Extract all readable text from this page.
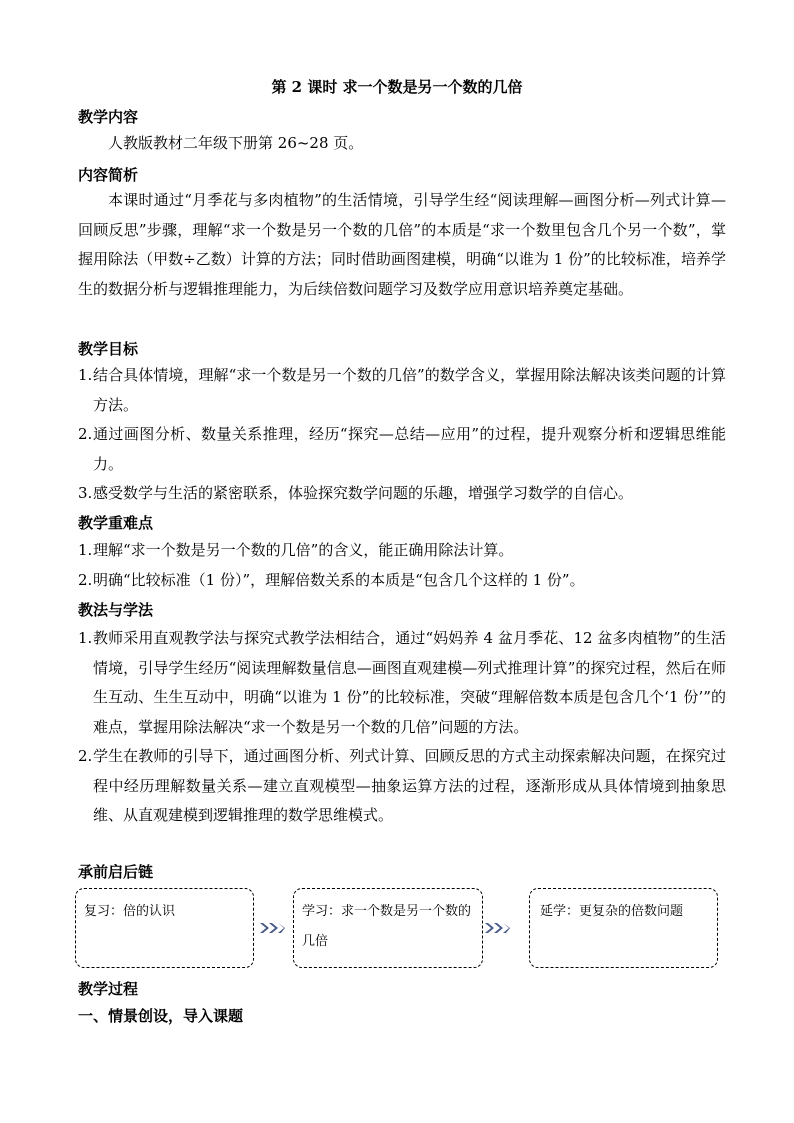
第 2 课时 求一个数是另一个数的几倍
教学内容
人教版教材二年级下册第 26~28 页。
内容简析
本课时通过“月季花与多肉植物”的生活情境，引导学生经“阅读理解—画图分析—列式计算—回顾反思”步骤，理解“求一个数是另一个数的几倍”的本质是“求一个数里包含几个另一个数”，掌握用除法（甲数÷乙数）计算的方法；同时借助画图建模，明确“以谁为 1 份”的比较标准，培养学生的数据分析与逻辑推理能力，为后续倍数问题学习及数学应用意识培养奠定基础。
教学目标
1. 结合具体情境，理解“求一个数是另一个数的几倍”的数学含义，掌握用除法解决该类问题的计算方法。
2. 通过画图分析、数量关系推理，经历“探究—总结—应用”的过程，提升观察分析和逻辑思维能力。
3. 感受数学与生活的紧密联系，体验探究数学问题的乐趣，增强学习数学的自信心。
教学重难点
1. 理解“求一个数是另一个数的几倍”的含义，能正确用除法计算。
2. 明确“比较标准（1 份）”，理解倍数关系的本质是“包含几个这样的 1 份”。
教法与学法
1. 教师采用直观教学法与探究式教学法相结合，通过“妈妈养 4 盆月季花、12 盆多肉植物”的生活情境，引导学生经历“阅读理解数量信息—画图直观建模—列式推理计算”的探究过程，然后在师生互动、生生互动中，明确“以谁为 1 份”的比较标准，突破“理解倍数本质是包含几个‘1 份’”的难点，掌握用除法解决“求一个数是另一个数的几倍”问题的方法。
2. 学生在教师的引导下，通过画图分析、列式计算、回顾反思的方式主动探索解决问题，在探究过程中经历理解数量关系—建立直观模型—抽象运算方法的过程，逐渐形成从具体情境到抽象思维、从直观建模到逻辑推理的数学思维模式。
承前启后链
复习：倍的认识	学习：求一个数是另一个数的几倍
延学：更复杂的倍数问题
教学过程
一、情景创设，导入课题
